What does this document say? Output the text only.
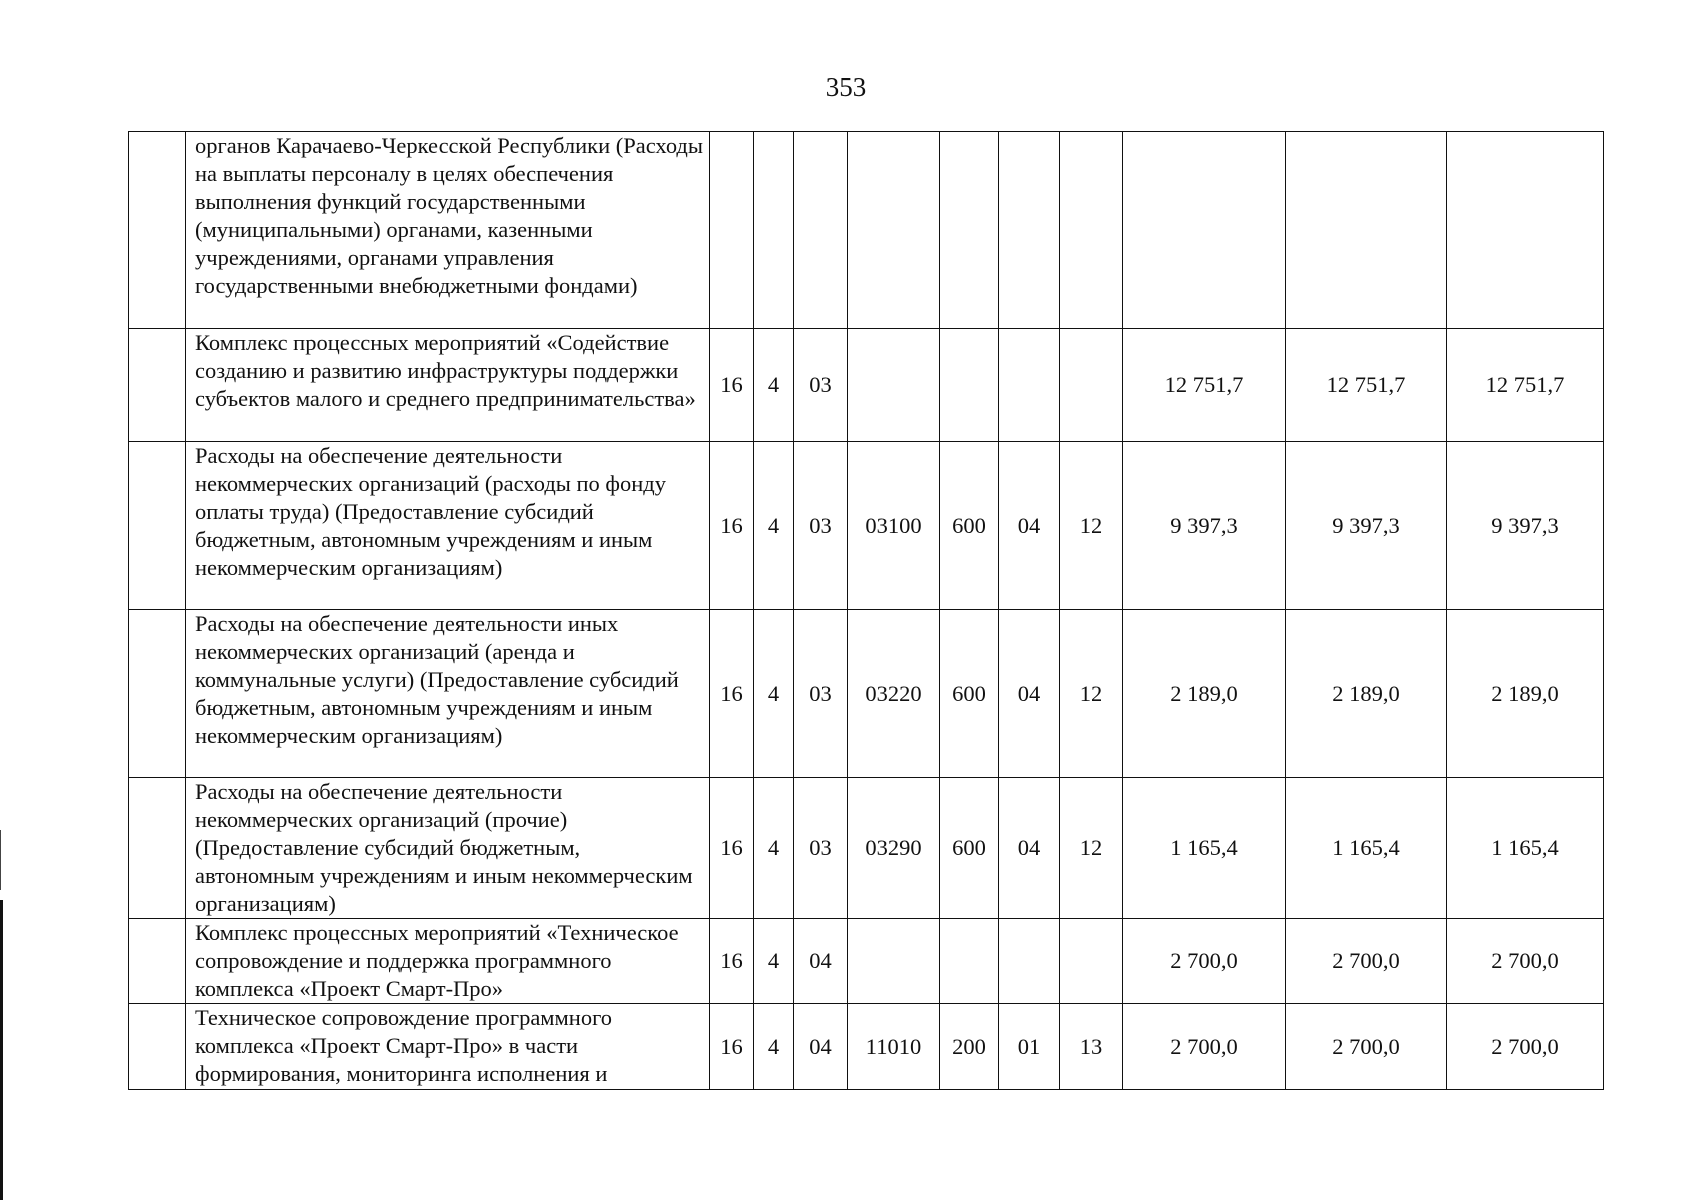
353
	органов Карачаево-Черкесской Республики (Расходы на выплаты персоналу в целях обеспечения выполнения функций государственными (муниципальными) органами, казенными учреждениями, органами управления государственными внебюджетными фондами)										
	Комплекс процессных мероприятий «Содействие созданию и развитию инфраструктуры поддержки субъектов малого и среднего предпринимательства»	16	4	03					12 751,7	12 751,7	12 751,7
	Расходы на обеспечение деятельности некоммерческих организаций (расходы по фонду оплаты труда) (Предоставление субсидий бюджетным, автономным учреждениям и иным некоммерческим организациям)	16	4	03	03100	600	04	12	9 397,3	9 397,3	9 397,3
	Расходы на обеспечение деятельности иных некоммерческих организаций (аренда и коммунальные услуги) (Предоставление субсидий бюджетным, автономным учреждениям и иным некоммерческим организациям)	16	4	03	03220	600	04	12	2 189,0	2 189,0	2 189,0
	Расходы на обеспечение деятельности некоммерческих организаций (прочие) (Предоставление субсидий бюджетным, автономным учреждениям и иным некоммерческим организациям)	16	4	03	03290	600	04	12	1 165,4	1 165,4	1 165,4
	Комплекс процессных мероприятий «Техническое сопровождение и поддержка программного комплекса «Проект Смарт-Про»	16	4	04					2 700,0	2 700,0	2 700,0
	Техническое сопровождение программного комплекса «Проект Смарт-Про» в части формирования, мониторинга исполнения и	16	4	04	11010	200	01	13	2 700,0	2 700,0	2 700,0
